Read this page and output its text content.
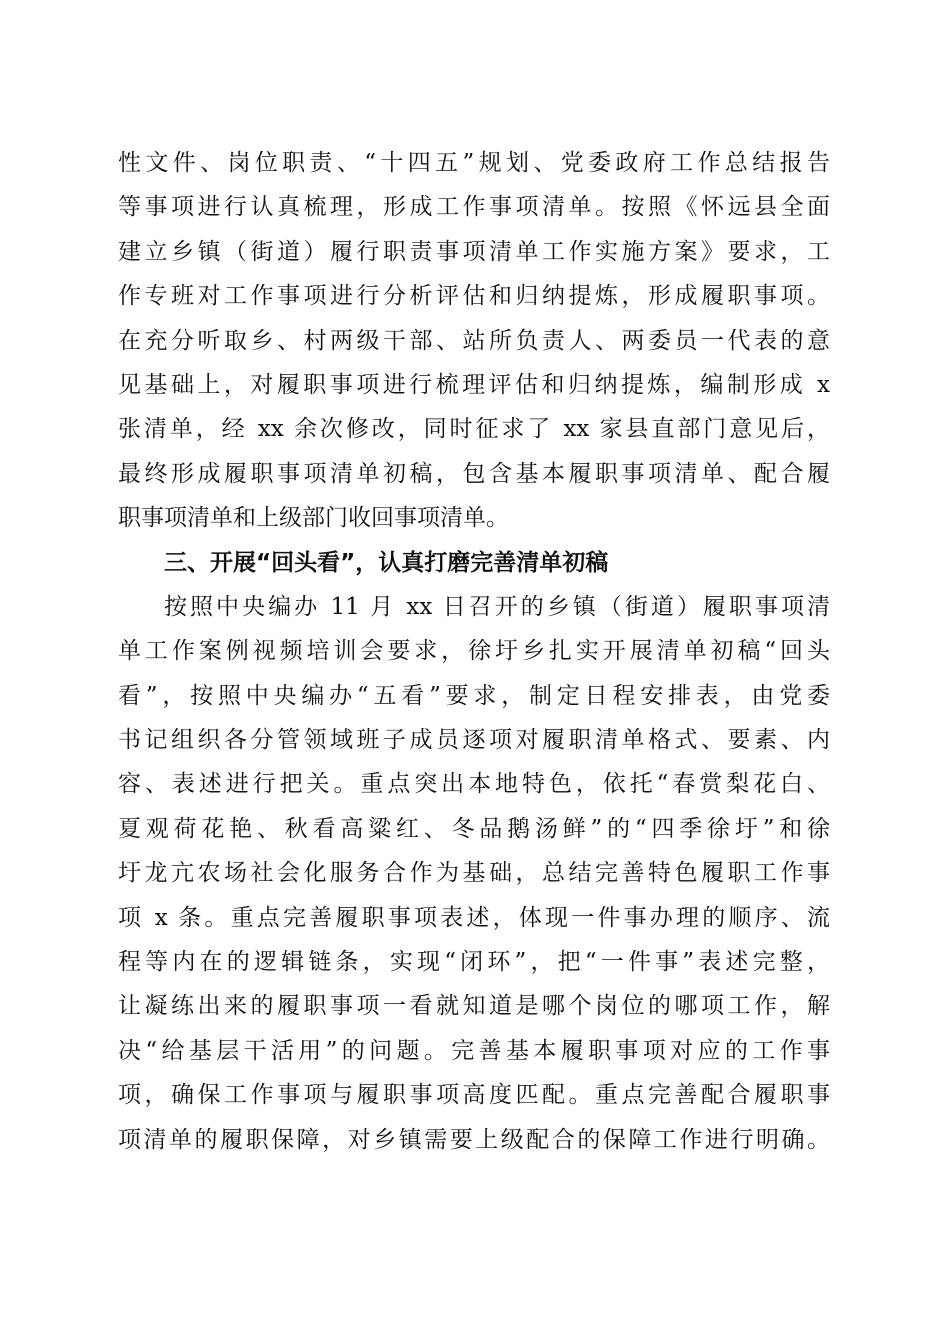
性文件、岗位职责、“十四五”规划、党委政府工作总结报告
等事项进行认真梳理，形成工作事项清单。按照《怀远县全面
建立乡镇（街道）履行职责事项清单工作实施方案》要求，工
作专班对工作事项进行分析评估和归纳提炼，形成履职事项。
在充分听取乡、村两级干部、站所负责人、两委员一代表的意
见基础上，对履职事项进行梳理评估和归纳提炼，编制形成 x
张清单，经 xx 余次修改，同时征求了 xx 家县直部门意见后，
最终形成履职事项清单初稿，包含基本履职事项清单、配合履
职事项清单和上级部门收回事项清单。
三、开展“回头看”，认真打磨完善清单初稿
按照中央编办 11 月 xx 日召开的乡镇（街道）履职事项清
单工作案例视频培训会要求，徐圩乡扎实开展清单初稿“回头
看”，按照中央编办“五看”要求，制定日程安排表，由党委
书记组织各分管领域班子成员逐项对履职清单格式、要素、内
容、表述进行把关。重点突出本地特色，依托“春赏梨花白、
夏观荷花艳、秋看高粱红、冬品鹅汤鲜”的“四季徐圩”和徐
圩龙亢农场社会化服务合作为基础，总结完善特色履职工作事
项 x 条。重点完善履职事项表述，体现一件事办理的顺序、流
程等内在的逻辑链条，实现“闭环”，把“一件事”表述完整，
让凝练出来的履职事项一看就知道是哪个岗位的哪项工作，解
决“给基层干活用”的问题。完善基本履职事项对应的工作事
项，确保工作事项与履职事项高度匹配。重点完善配合履职事
项清单的履职保障，对乡镇需要上级配合的保障工作进行明确。
